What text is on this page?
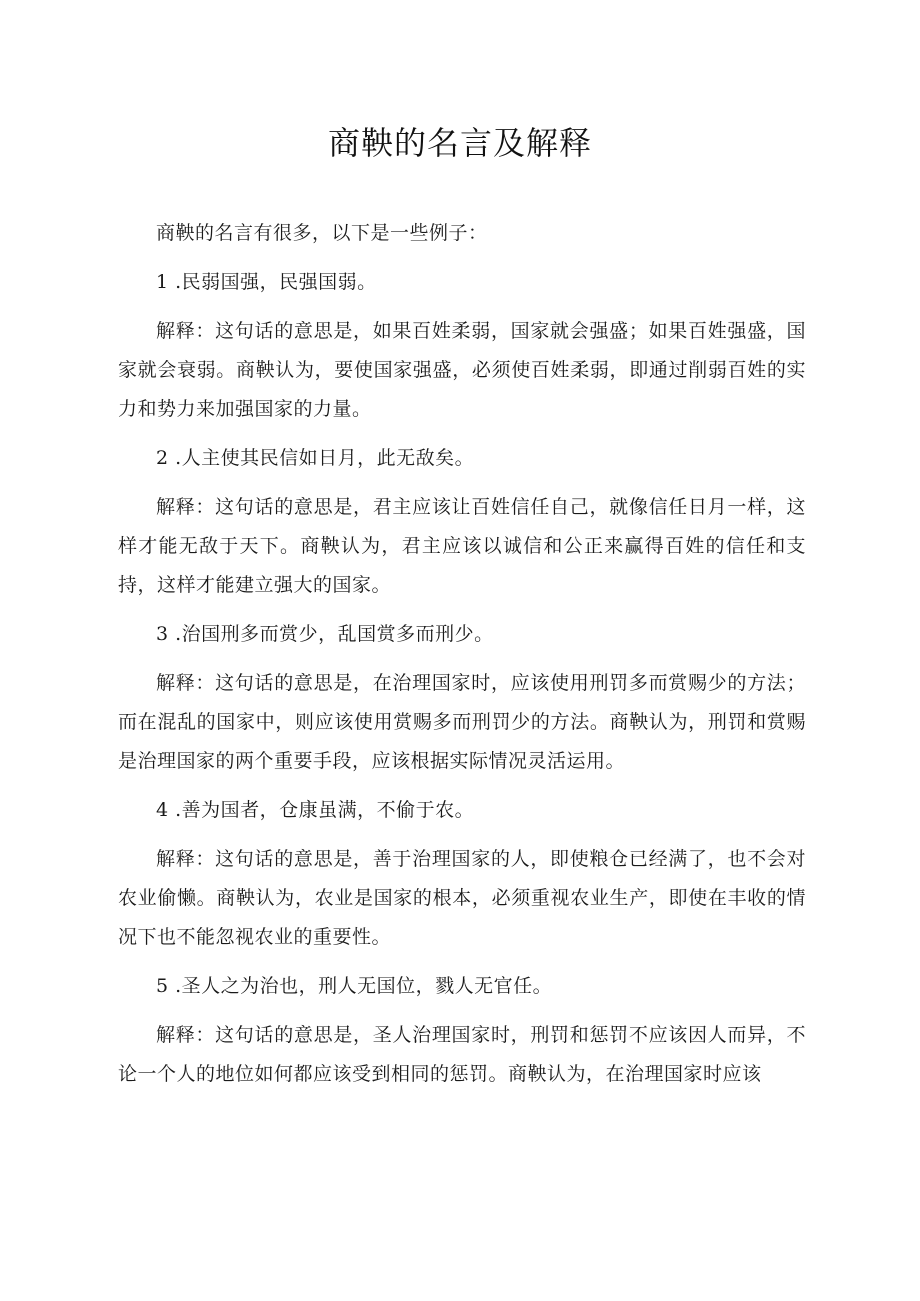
商鞅的名言及解释

商鞅的名言有很多，以下是一些例子：

1 .民弱国强，民强国弱。

解释：这句话的意思是，如果百姓柔弱，国家就会强盛；如果百姓强盛，国家就会衰弱。商鞅认为，要使国家强盛，必须使百姓柔弱，即通过削弱百姓的实力和势力来加强国家的力量。

2 .人主使其民信如日月，此无敌矣。

解释：这句话的意思是，君主应该让百姓信任自己，就像信任日月一样，这样才能无敌于天下。商鞅认为，君主应该以诚信和公正来赢得百姓的信任和支持，这样才能建立强大的国家。

3 .治国刑多而赏少，乱国赏多而刑少。

解释：这句话的意思是，在治理国家时，应该使用刑罚多而赏赐少的方法；而在混乱的国家中，则应该使用赏赐多而刑罚少的方法。商鞅认为，刑罚和赏赐是治理国家的两个重要手段，应该根据实际情况灵活运用。

4 .善为国者，仓康虽满，不偷于农。

解释：这句话的意思是，善于治理国家的人，即使粮仓已经满了，也不会对农业偷懒。商鞅认为，农业是国家的根本，必须重视农业生产，即使在丰收的情况下也不能忽视农业的重要性。

5 .圣人之为治也，刑人无国位，戮人无官任。

解释：这句话的意思是，圣人治理国家时，刑罚和惩罚不应该因人而异，不论一个人的地位如何都应该受到相同的惩罚。商鞅认为，在治理国家时应该
